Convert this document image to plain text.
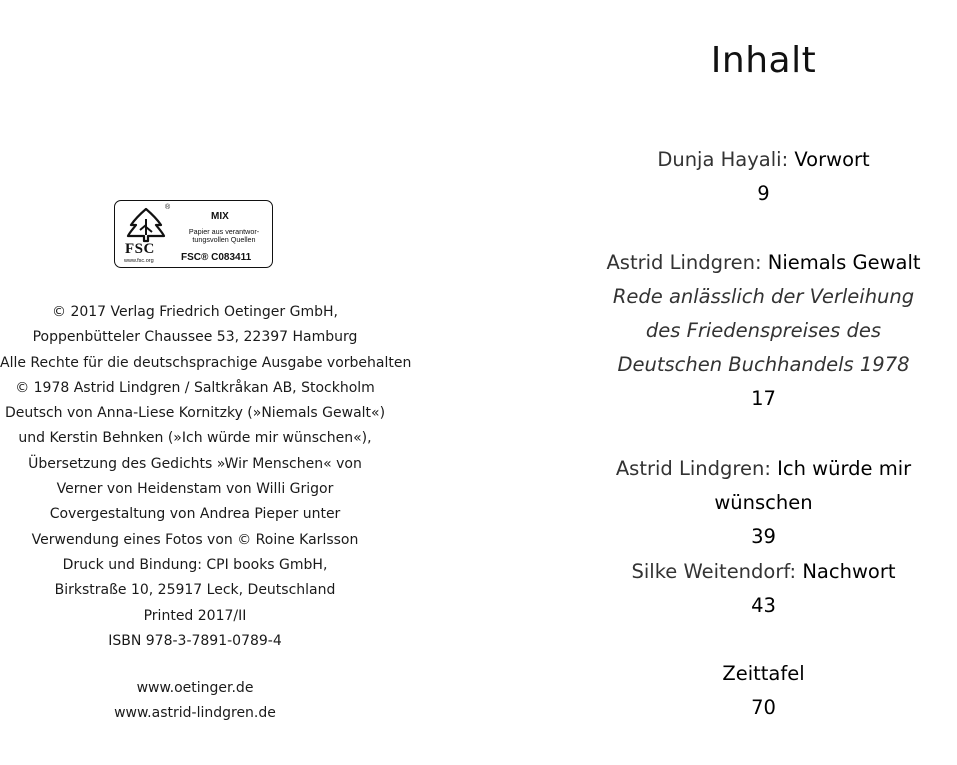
®
FSC
www.fsc.org
MIX
Papier aus verantwor-
tungsvollen Quellen
FSC® C083411
© 2017 Verlag Friedrich Oetinger GmbH,
Poppenbütteler Chaussee 53, 22397 Hamburg
Alle Rechte für die deutschsprachige Ausgabe vorbehalten
© 1978 Astrid Lindgren / Saltkråkan AB, Stockholm
Deutsch von Anna-Liese Kornitzky (»Niemals Gewalt«)
und Kerstin Behnken (»Ich würde mir wünschen«),
Übersetzung des Gedichts »Wir Menschen« von
Verner von Heidenstam von Willi Grigor
Covergestaltung von Andrea Pieper unter
Verwendung eines Fotos von © Roine Karlsson
Druck und Bindung: CPI books GmbH,
Birkstraße 10, 25917 Leck, Deutschland
Printed 2017/II
ISBN 978-3-7891-0789-4
www.oetinger.de
www.astrid-lindgren.de
Inhalt
Dunja Hayali: Vorwort
9
Astrid Lindgren: Niemals Gewalt
Rede anlässlich der Verleihung
des Friedenspreises des
Deutschen Buchhandels 1978
17
Astrid Lindgren: Ich würde mir wünschen
39
Silke Weitendorf: Nachwort
43
Zeittafel
70
